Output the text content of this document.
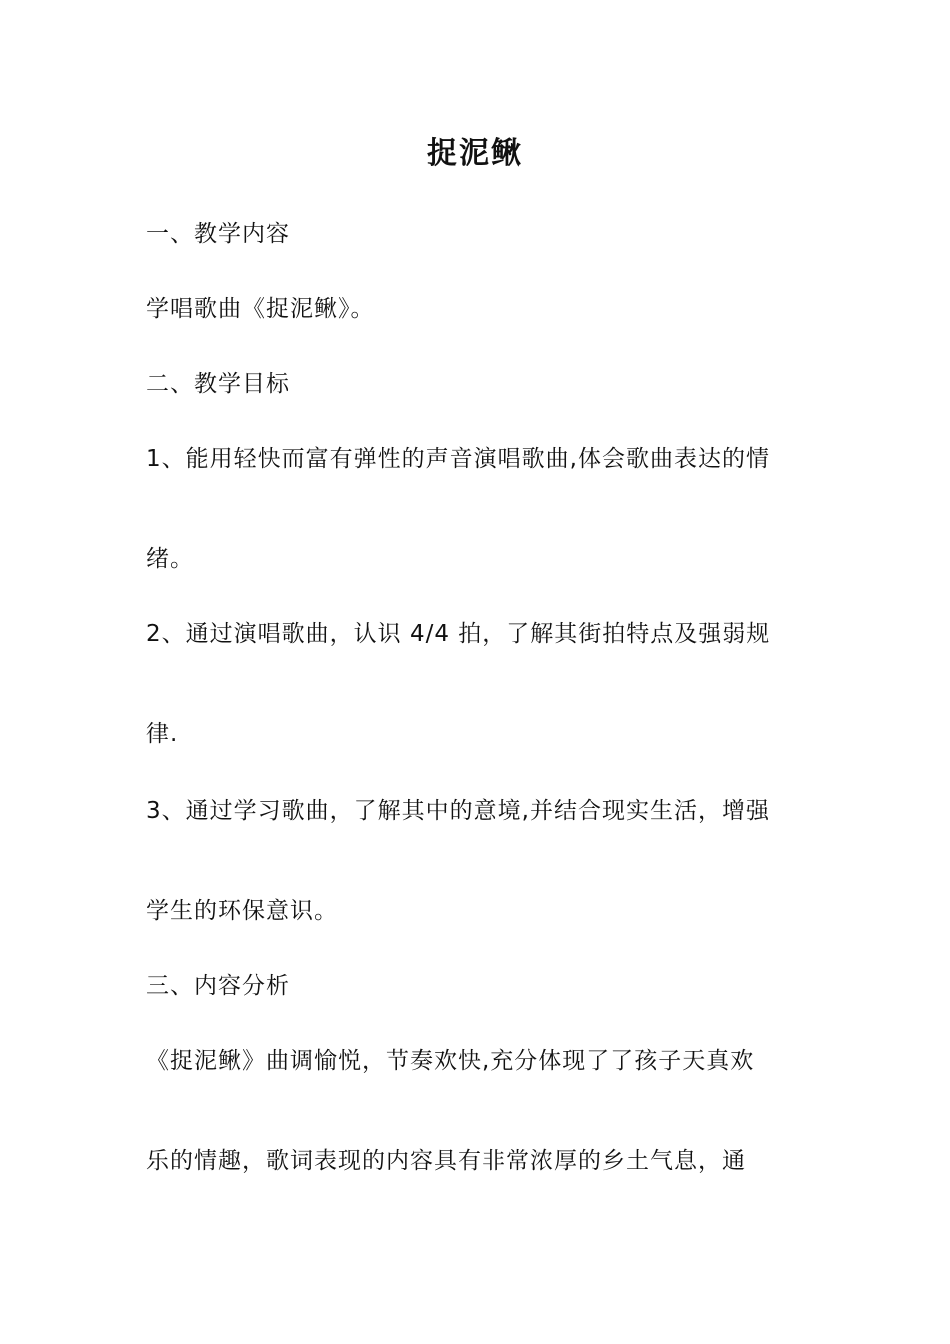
捉泥鳅
一、教学内容
学唱歌曲《捉泥鳅》。
二、教学目标
1、能用轻快而富有弹性的声音演唱歌曲,体会歌曲表达的情
绪。
2、通过演唱歌曲，认识 4/4 拍，了解其街拍特点及强弱规
律.
3、通过学习歌曲，了解其中的意境,并结合现实生活，增强
学生的环保意识。
三、内容分析
《捉泥鳅》曲调愉悦，节奏欢快,充分体现了了孩子天真欢
乐的情趣，歌词表现的内容具有非常浓厚的乡土气息，通
